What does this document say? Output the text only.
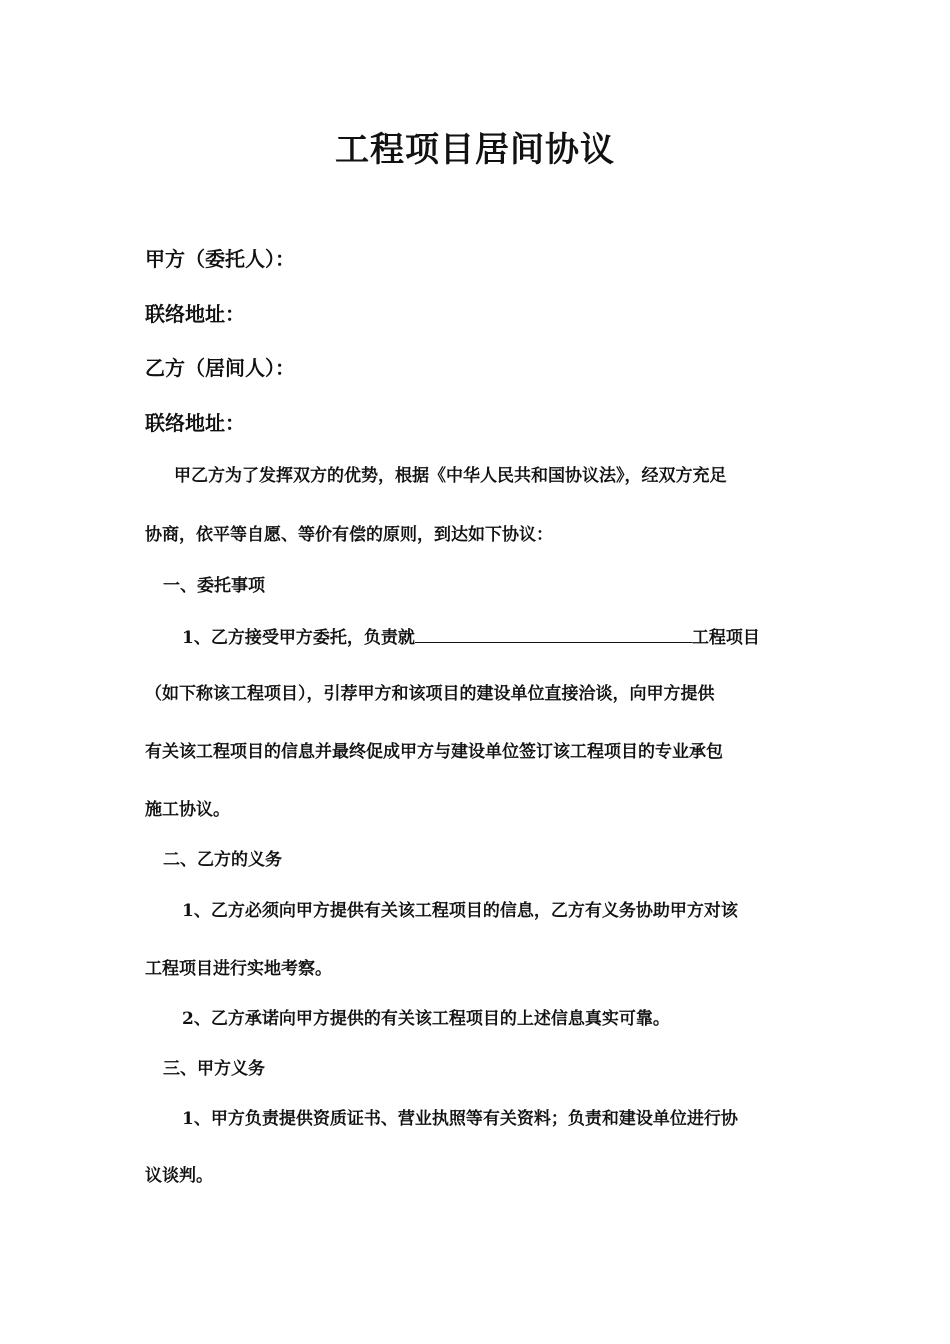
工程项目居间协议
甲方（委托人）：
联络地址：
乙方（居间人）：
联络地址：
甲乙方为了发挥双方的优势，根据《中华人民共和国协议法》，经双方充足
协商，依平等自愿、等价有偿的原则，到达如下协议：
一、委托事项
1、乙方接受甲方委托，负责就	工程项目
（如下称该工程项目），引荐甲方和该项目的建设单位直接洽谈，向甲方提供
有关该工程项目的信息并最终促成甲方与建设单位签订该工程项目的专业承包
施工协议。
二、乙方的义务
1、乙方必须向甲方提供有关该工程项目的信息，乙方有义务协助甲方对该
工程项目进行实地考察。
2、乙方承诺向甲方提供的有关该工程项目的上述信息真实可靠。
三、甲方义务
1、甲方负责提供资质证书、营业执照等有关资料；负责和建设单位进行协
议谈判。
